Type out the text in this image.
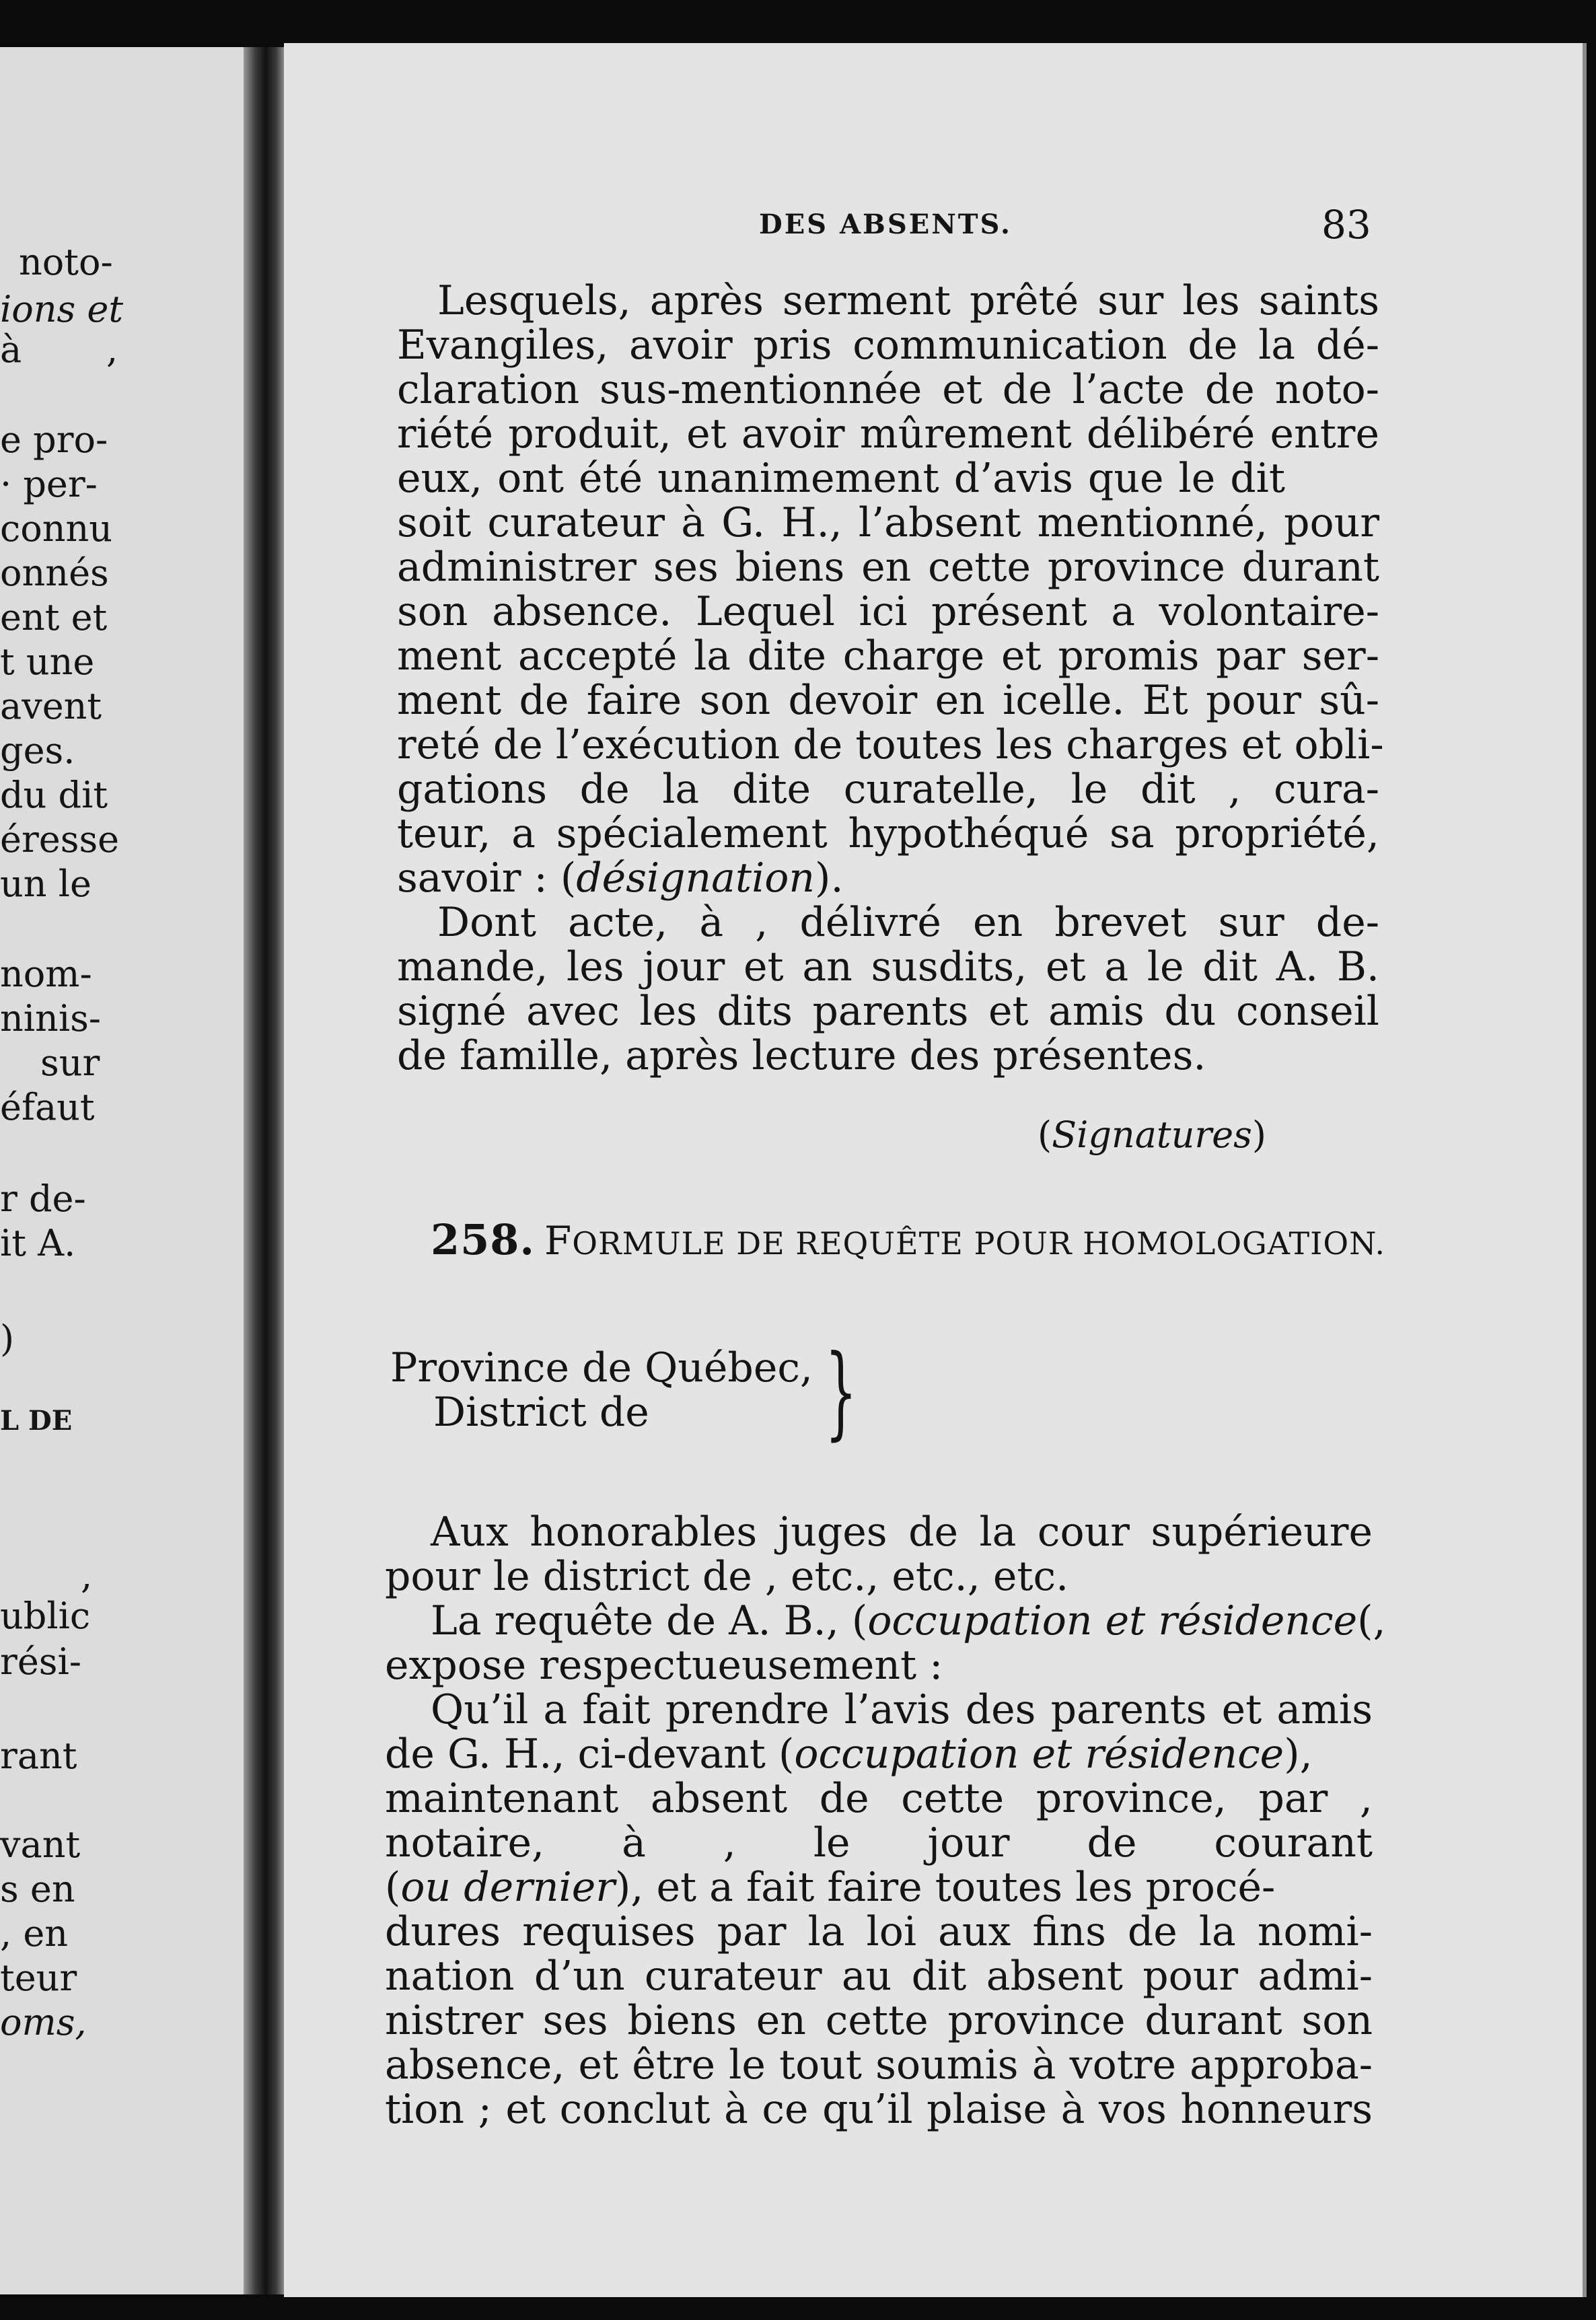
noto-
ions et
à ,
e pro-
· per-
connu
onnés
ent et
t une
avent
ges.
du dit
éresse
un le
nom-
ninis-
sur
éfaut
r de-
it A.
)
L DE
,
ublic
rési-
rant
vant
s en
, en
teur
oms,
DES ABSENTS.	83
Lesquels, après serment prêté sur les saints
Evangiles, avoir pris communication de la dé-
claration sus-mentionnée et de l’acte de noto-
riété produit, et avoir mûrement délibéré entre
eux, ont été unanimement d’avis que le dit
soit curateur à G. H., l’absent mentionné, pour
administrer ses biens en cette province durant
son absence. Lequel ici présent a volontaire-
ment accepté la dite charge et promis par ser-
ment de faire son devoir en icelle. Et pour sû-
reté de l’exécution de toutes les charges et obli-
gations de la dite curatelle, le dit , cura-
teur, a spécialement hypothéqué sa propriété,
savoir : (désignation).
Dont acte, à , délivré en brevet sur de-
mande, les jour et an susdits, et a le dit A. B.
signé avec les dits parents et amis du conseil
de famille, après lecture des présentes.
(Signatures)
258. FORMULE DE REQUÊTE POUR HOMOLOGATION.
Province de Québec,
District de }
Aux honorables juges de la cour supérieure
pour le district de , etc., etc., etc.
La requête de A. B., (occupation et résidence(,
expose respectueusement :
Qu’il a fait prendre l’avis des parents et amis
de G. H., ci-devant (occupation et résidence),
maintenant absent de cette province, par ,
notaire, à , le jour de courant
(ou dernier), et a fait faire toutes les procé-
dures requises par la loi aux fins de la nomi-
nation d’un curateur au dit absent pour admi-
nistrer ses biens en cette province durant son
absence, et être le tout soumis à votre approba-
tion ; et conclut à ce qu’il plaise à vos honneurs
